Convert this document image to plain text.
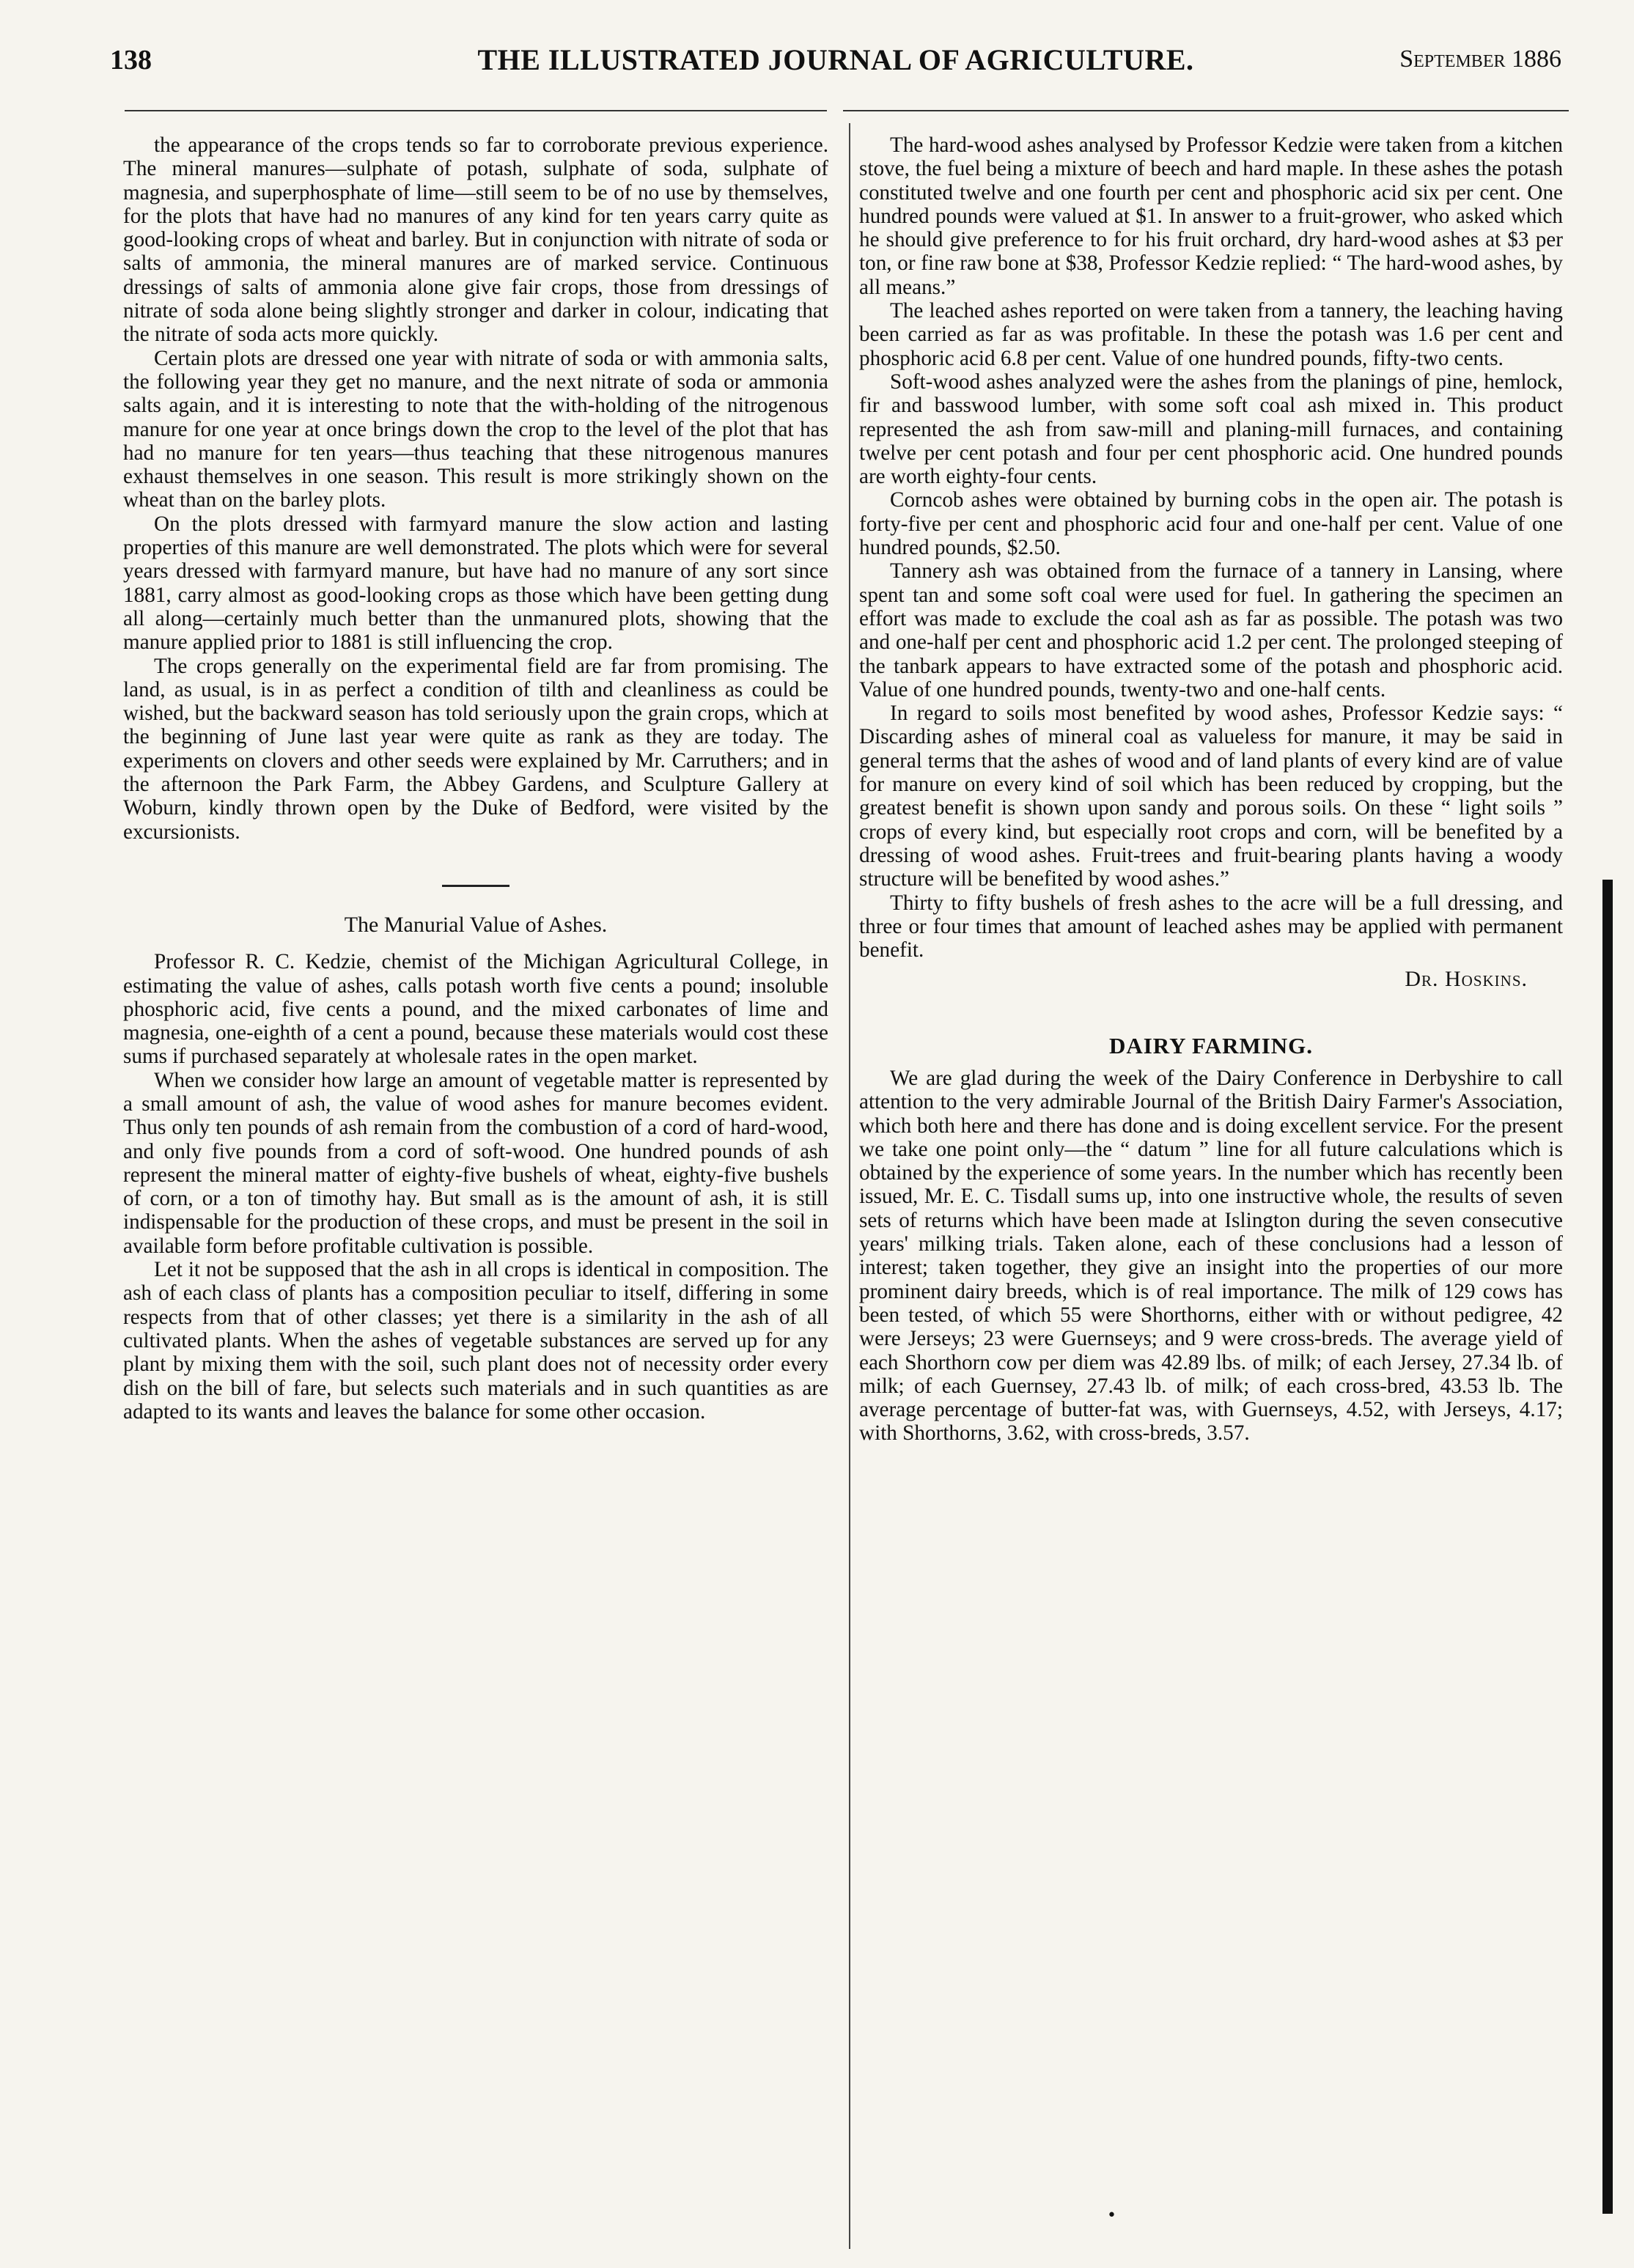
138	THE ILLUSTRATED JOURNAL OF AGRICULTURE.	September 1886

the appearance of the crops tends so far to corroborate previous experience. The mineral manures—sulphate of potash, sulphate of soda, sulphate of magnesia, and superphosphate of lime—still seem to be of no use by themselves, for the plots that have had no manures of any kind for ten years carry quite as good-looking crops of wheat and barley. But in conjunction with nitrate of soda or salts of ammonia, the mineral manures are of marked service. Continuous dressings of salts of ammonia alone give fair crops, those from dressings of nitrate of soda alone being slightly stronger and darker in colour, indicating that the nitrate of soda acts more quickly.

Certain plots are dressed one year with nitrate of soda or with ammonia salts, the following year they get no manure, and the next nitrate of soda or ammonia salts again, and it is interesting to note that the with-holding of the nitrogenous manure for one year at once brings down the crop to the level of the plot that has had no manure for ten years—thus teaching that these nitrogenous manures exhaust themselves in one season. This result is more strikingly shown on the wheat than on the barley plots.

On the plots dressed with farmyard manure the slow action and lasting properties of this manure are well demonstrated. The plots which were for several years dressed with farmyard manure, but have had no manure of any sort since 1881, carry almost as good-looking crops as those which have been getting dung all along—certainly much better than the unmanured plots, showing that the manure applied prior to 1881 is still influencing the crop.

The crops generally on the experimental field are far from promising. The land, as usual, is in as perfect a condition of tilth and cleanliness as could be wished, but the backward season has told seriously upon the grain crops, which at the beginning of June last year were quite as rank as they are today. The experiments on clovers and other seeds were explained by Mr. Carruthers; and in the afternoon the Park Farm, the Abbey Gardens, and Sculpture Gallery at Woburn, kindly thrown open by the Duke of Bedford, were visited by the excursionists.

The Manurial Value of Ashes.

Professor R. C. Kedzie, chemist of the Michigan Agricultural College, in estimating the value of ashes, calls potash worth five cents a pound; insoluble phosphoric acid, five cents a pound, and the mixed carbonates of lime and magnesia, one-eighth of a cent a pound, because these materials would cost these sums if purchased separately at wholesale rates in the open market.

When we consider how large an amount of vegetable matter is represented by a small amount of ash, the value of wood ashes for manure becomes evident. Thus only ten pounds of ash remain from the combustion of a cord of hard-wood, and only five pounds from a cord of soft-wood. One hundred pounds of ash represent the mineral matter of eighty-five bushels of wheat, eighty-five bushels of corn, or a ton of timothy hay. But small as is the amount of ash, it is still indispensable for the production of these crops, and must be present in the soil in available form before profitable cultivation is possible.

Let it not be supposed that the ash in all crops is identical in composition. The ash of each class of plants has a composition peculiar to itself, differing in some respects from that of other classes; yet there is a similarity in the ash of all cultivated plants. When the ashes of vegetable substances are served up for any plant by mixing them with the soil, such plant does not of necessity order every dish on the bill of fare, but selects such materials and in such quantities as are adapted to its wants and leaves the balance for some other occasion.

The hard-wood ashes analysed by Professor Kedzie were taken from a kitchen stove, the fuel being a mixture of beech and hard maple. In these ashes the potash constituted twelve and one fourth per cent and phosphoric acid six per cent. One hundred pounds were valued at $1. In answer to a fruit-grower, who asked which he should give preference to for his fruit orchard, dry hard-wood ashes at $3 per ton, or fine raw bone at $38, Professor Kedzie replied: “ The hard-wood ashes, by all means.”

The leached ashes reported on were taken from a tannery, the leaching having been carried as far as was profitable. In these the potash was 1.6 per cent and phosphoric acid 6.8 per cent. Value of one hundred pounds, fifty-two cents.

Soft-wood ashes analyzed were the ashes from the planings of pine, hemlock, fir and basswood lumber, with some soft coal ash mixed in. This product represented the ash from saw-mill and planing-mill furnaces, and containing twelve per cent potash and four per cent phosphoric acid. One hundred pounds are worth eighty-four cents.

Corncob ashes were obtained by burning cobs in the open air. The potash is forty-five per cent and phosphoric acid four and one-half per cent. Value of one hundred pounds, $2.50.

Tannery ash was obtained from the furnace of a tannery in Lansing, where spent tan and some soft coal were used for fuel. In gathering the specimen an effort was made to exclude the coal ash as far as possible. The potash was two and one-half per cent and phosphoric acid 1.2 per cent. The prolonged steeping of the tanbark appears to have extracted some of the potash and phosphoric acid. Value of one hundred pounds, twenty-two and one-half cents.

In regard to soils most benefited by wood ashes, Professor Kedzie says: “ Discarding ashes of mineral coal as valueless for manure, it may be said in general terms that the ashes of wood and of land plants of every kind are of value for manure on every kind of soil which has been reduced by cropping, but the greatest benefit is shown upon sandy and porous soils. On these “ light soils ” crops of every kind, but especially root crops and corn, will be benefited by a dressing of wood ashes. Fruit-trees and fruit-bearing plants having a woody structure will be benefited by wood ashes.”

Thirty to fifty bushels of fresh ashes to the acre will be a full dressing, and three or four times that amount of leached ashes may be applied with permanent benefit.

Dr. Hoskins.
DAIRY FARMING.

We are glad during the week of the Dairy Conference in Derbyshire to call attention to the very admirable Journal of the British Dairy Farmer's Association, which both here and there has done and is doing excellent service. For the present we take one point only—the “ datum ” line for all future calculations which is obtained by the experience of some years. In the number which has recently been issued, Mr. E. C. Tisdall sums up, into one instructive whole, the results of seven sets of returns which have been made at Islington during the seven consecutive years' milking trials. Taken alone, each of these conclusions had a lesson of interest; taken together, they give an insight into the properties of our more prominent dairy breeds, which is of real importance. The milk of 129 cows has been tested, of which 55 were Shorthorns, either with or without pedigree, 42 were Jerseys; 23 were Guernseys; and 9 were cross-breds. The average yield of each Shorthorn cow per diem was 42.89 lbs. of milk; of each Jersey, 27.34 lb. of milk; of each Guernsey, 27.43 lb. of milk; of each cross-bred, 43.53 lb. The average percentage of butter-fat was, with Guernseys, 4.52, with Jerseys, 4.17; with Shorthorns, 3.62, with cross-breds, 3.57.

•
